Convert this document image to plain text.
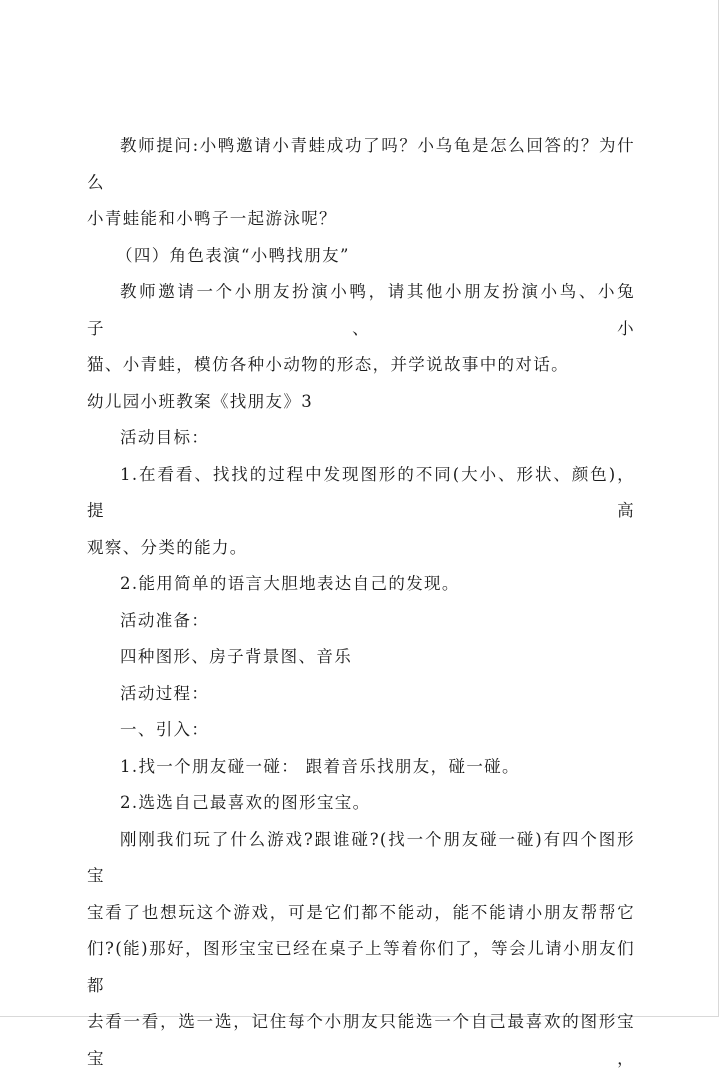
教师提问:小鸭邀请小青蛙成功了吗？小乌龟是怎么回答的？为什么
小青蛙能和小鸭子一起游泳呢？

（四）角色表演“小鸭找朋友”

教师邀请一个小朋友扮演小鸭，请其他小朋友扮演小鸟、小兔子、小
猫、小青蛙，模仿各种小动物的形态，并学说故事中的对话。

幼儿园小班教案《找朋友》3

活动目标：

1.在看看、找找的过程中发现图形的不同(大小、形状、颜色)，提高
观察、分类的能力。

2.能用简单的语言大胆地表达自己的发现。

活动准备：

四种图形、房子背景图、音乐

活动过程：

一、引入：

1.找一个朋友碰一碰： 跟着音乐找朋友，碰一碰。

2.选选自己最喜欢的图形宝宝。

刚刚我们玩了什么游戏?跟谁碰?(找一个朋友碰一碰)有四个图形宝
宝看了也想玩这个游戏，可是它们都不能动，能不能请小朋友帮帮它
们?(能)那好，图形宝宝已经在桌子上等着你们了，等会儿请小朋友们都
去看一看，选一选，记住每个小朋友只能选一个自己最喜欢的图形宝宝，
